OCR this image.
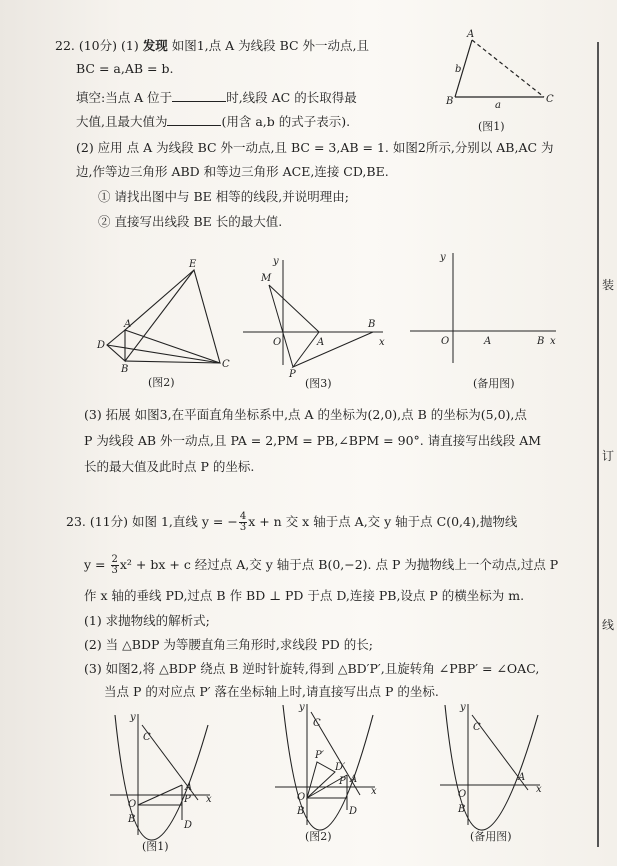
22. (10分) (1) 发现 如图1,点 A 为线段 BC 外一动点,且
BC = a,AB = b.
填空:当点 A 位于	时,线段 AC 的长取得最
大值,且最大值为	(用含 a,b 的式子表示).
A
B	C
b
a
(图1)
(2) 应用 点 A 为线段 BC 外一动点,且 BC = 3,AB = 1. 如图2所示,分别以 AB,AC 为
边,作等边三角形 ABD 和等边三角形 ACE,连接 CD,BE.
① 请找出图中与 BE 相等的线段,并说明理由;
② 直接写出线段 BE 长的最大值.
E
A
D
B	C
(图2)
y
M
O	A
B
x
P
(图3)
y
O	A	B x
(备用图)
(3) 拓展 如图3,在平面直角坐标系中,点 A 的坐标为(2,0),点 B 的坐标为(5,0),点
P 为线段 AB 外一动点,且 PA = 2,PM = PB,∠BPM = 90°. 请直接写出线段 AM
长的最大值及此时点 P 的坐标.
23. (11分) 如图 1,直线 y = − $\frac{4}{3}$ x + n 交 x 轴于点 A,交 y 轴于点 C(0,4),抛物线
$y = \frac{2}{3} x^2$ + bx + c 经过点 A,交 y 轴于点 B(0,−2). 点 P 为抛物线上一个动点,过点 P
作 x 轴的垂线 PD,过点 B 作 BD ⊥ PD 于点 D,连接 PB,设点 P 的横坐标为 m.
(1) 求抛物线的解析式;
(2) 当 △BDP 为等腰直角三角形时,求线段 PD 的长;
(3) 如图2,将 △BDP 绕点 B 逆时针旋转,得到 △BD′P′,且旋转角 ∠PBP′ = ∠OAC,
当点 P 的对应点 P′ 落在坐标轴上时,请直接写出点 P 的坐标.
y
C
O
A
x
P
B
D
(图1)
y
C
P′
D′
O
A
x
P
B	D
(图2)
y
C
O
A
x
B
(备用图)
装
订
线
